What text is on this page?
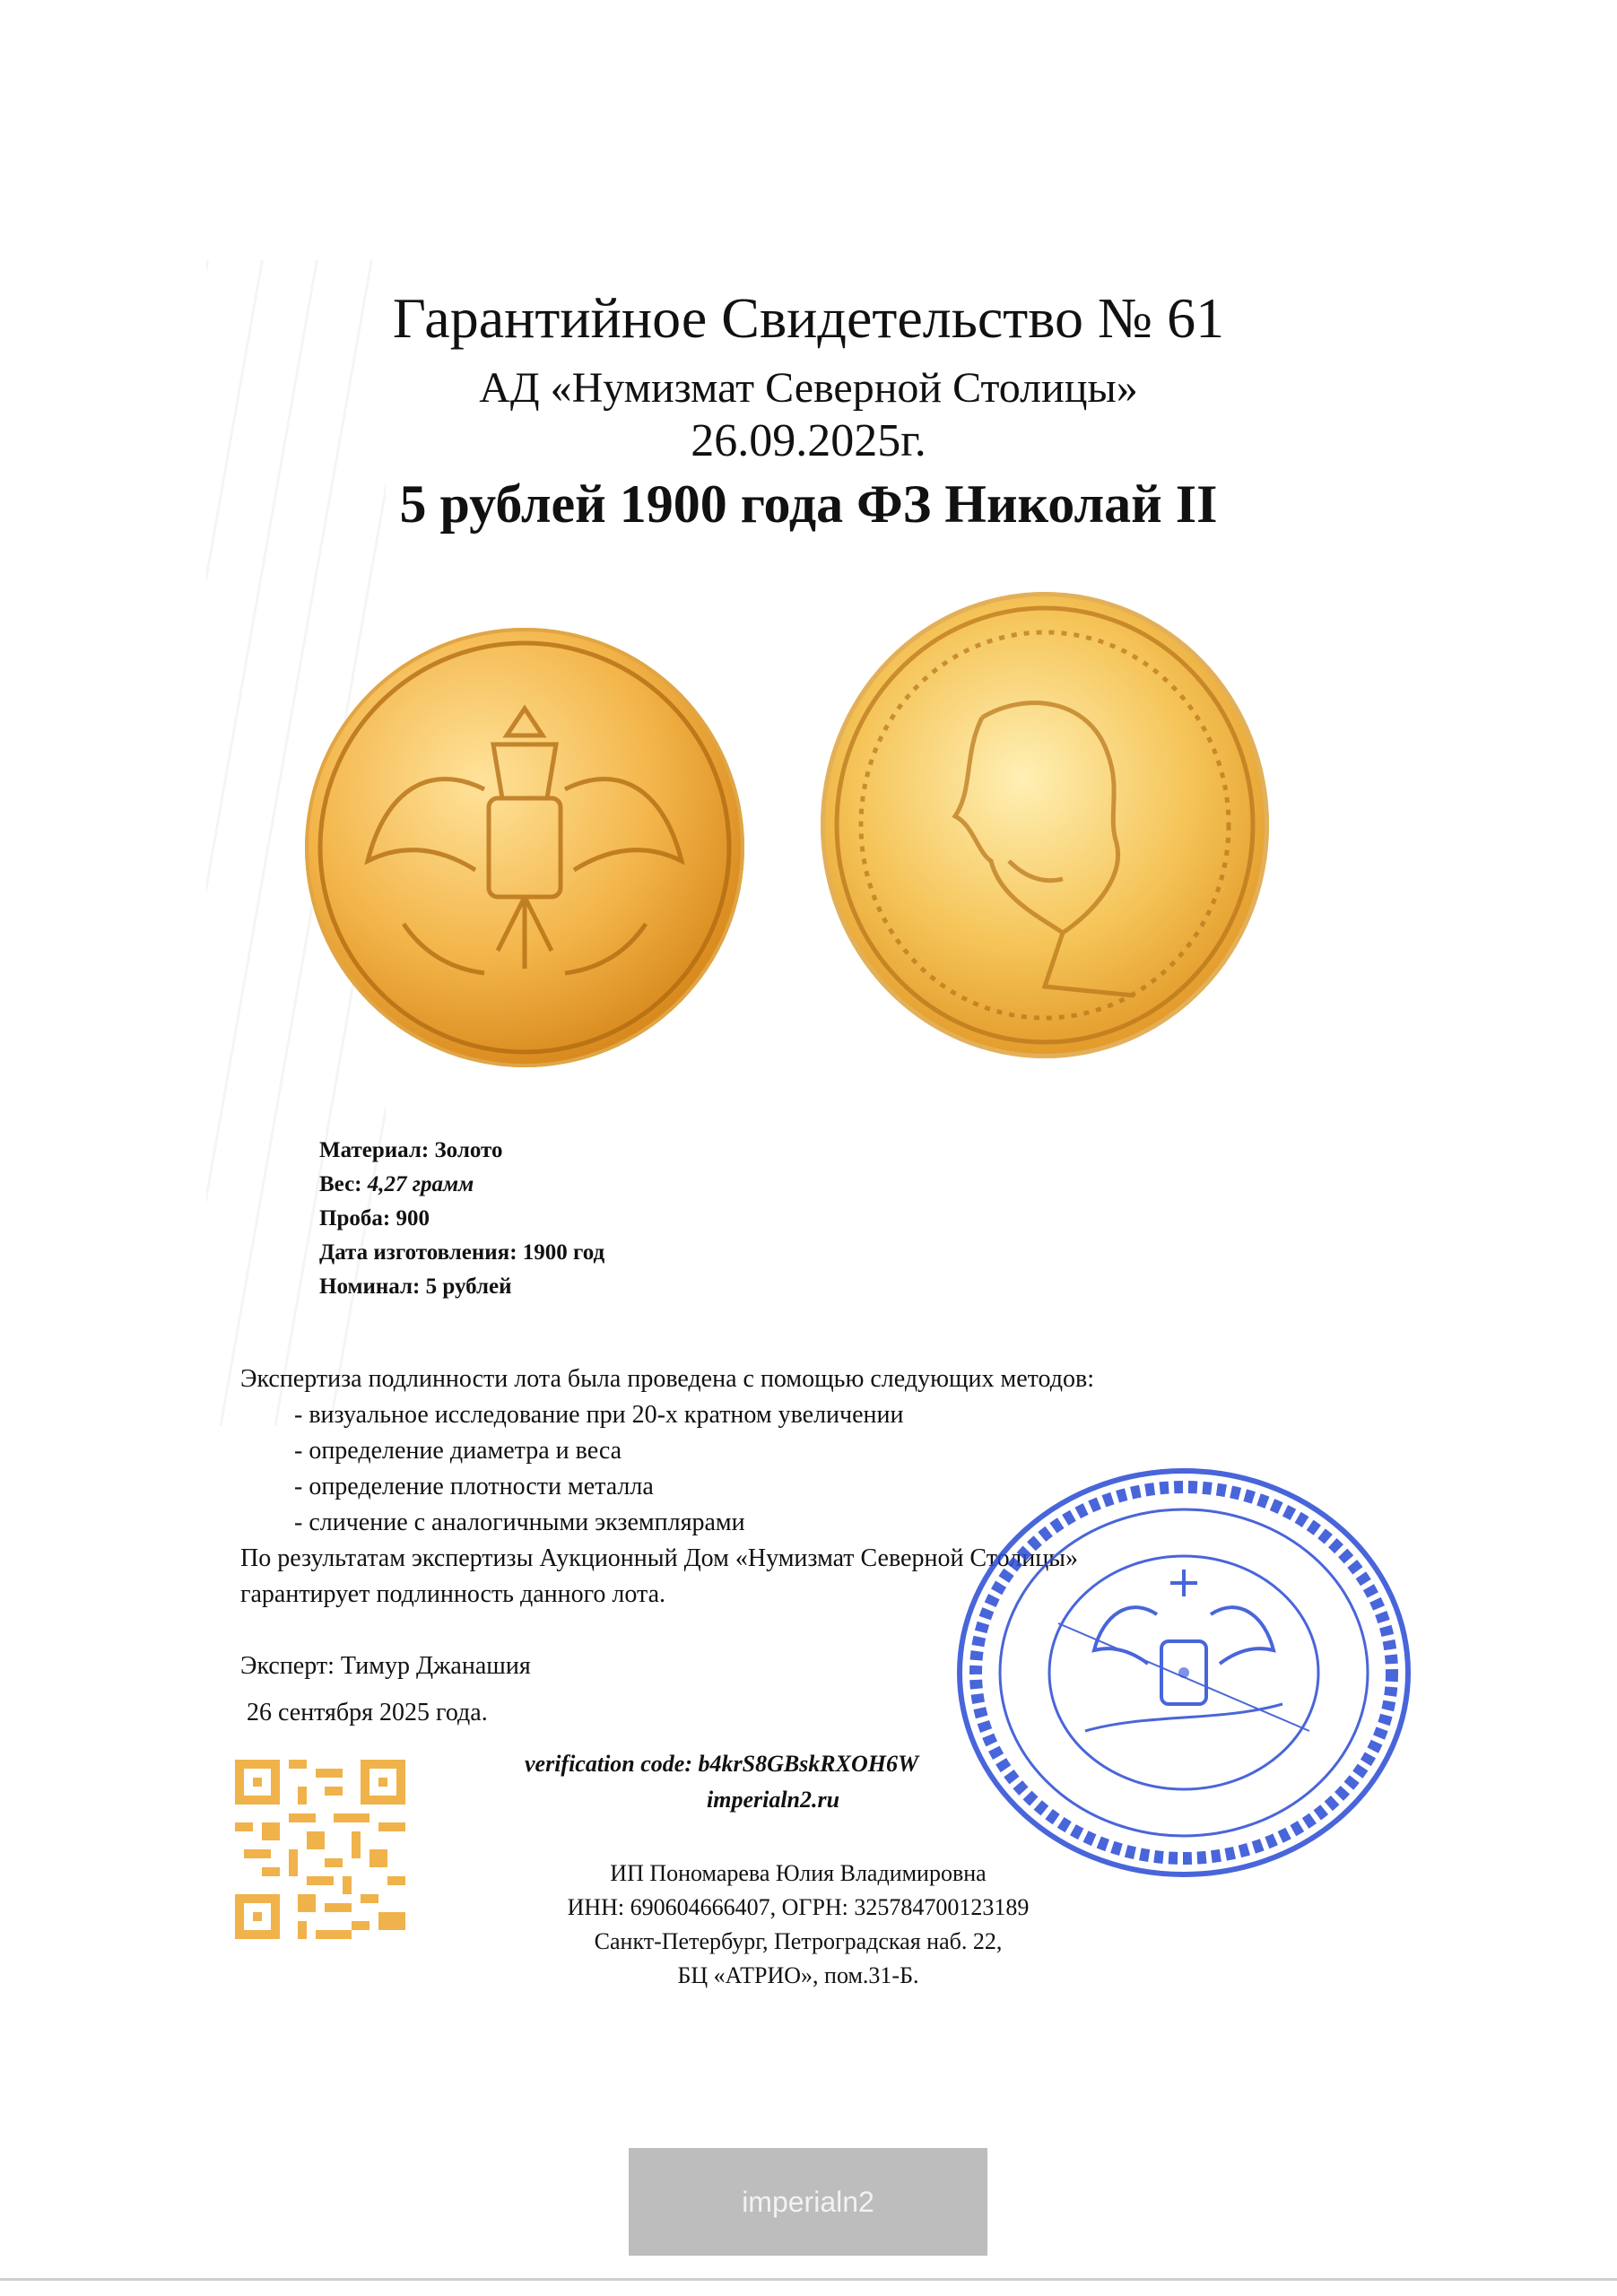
Гарантийное Свидетельство № 61
АД «Нумизмат Северной Столицы»
26.09.2025г.
5 рублей 1900 года ФЗ Николай II
Материал: Золото
Вес: 4,27 грамм
Проба: 900
Дата изготовления: 1900 год
Номинал: 5 рублей
Экспертиза подлинности лота была проведена с помощью следующих методов:
- визуальное исследование при 20-х кратном увеличении
- определение диаметра и веса
- определение плотности металла
- сличение с аналогичными экземплярами
По результатам экспертизы Аукционный Дом «Нумизмат Северной Столицы»
гарантирует подлинность данного лота.
Эксперт: Тимур Джанашия
26 сентября 2025 года.
verification code: b4krS8GBskRXOH6W
imperialn2.ru
ИП Пономарева Юлия Владимировна
ИНН: 690604666407, ОГРН: 325784700123189
Санкт-Петербург, Петроградская наб. 22,
БЦ «АТРИО», пом.31-Б.
imperialn2
